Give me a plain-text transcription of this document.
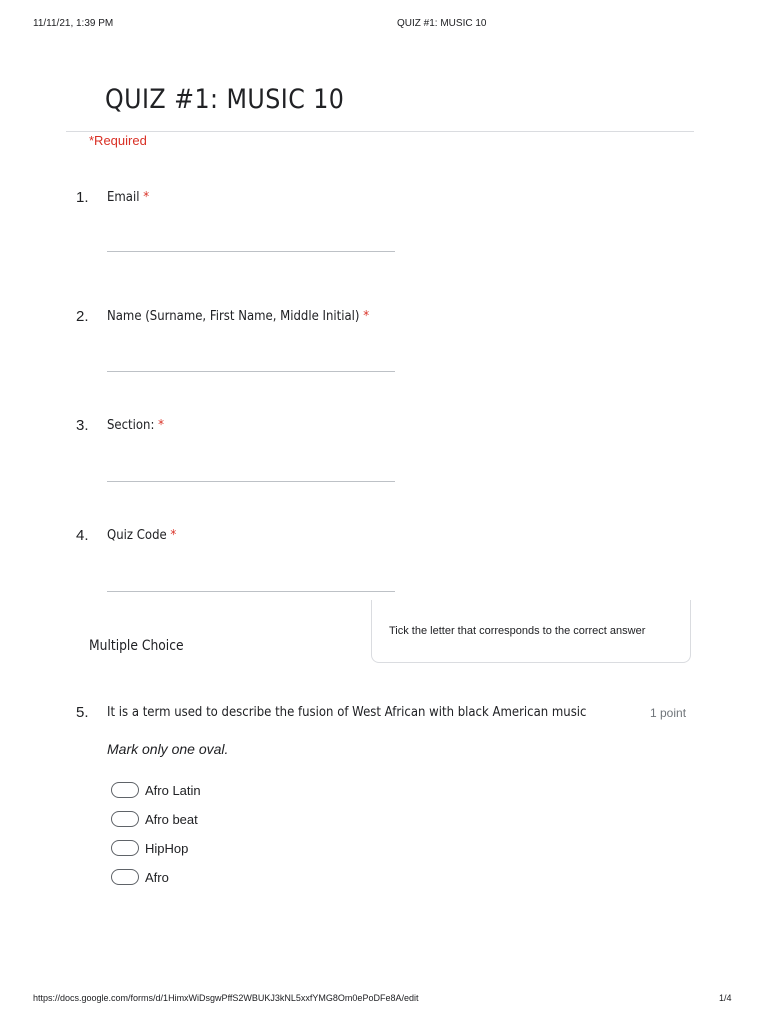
11/11/21, 1:39 PM	QUIZ #1: MUSIC 10
QUIZ #1: MUSIC 10
*Required
1. Email *
2. Name (Surname, First Name, Middle Initial) *
3. Section: *
4. Quiz Code *
Tick the letter that corresponds to the correct answer
Multiple Choice
5. It is a term used to describe the fusion of West African with black American music	1 point
Mark only one oval.
Afro Latin
Afro beat
HipHop
Afro
https://docs.google.com/forms/d/1HimxWiDsgwPffS2WBUKJ3kNL5xxfYMG8Om0ePoDFe8A/edit	1/4
